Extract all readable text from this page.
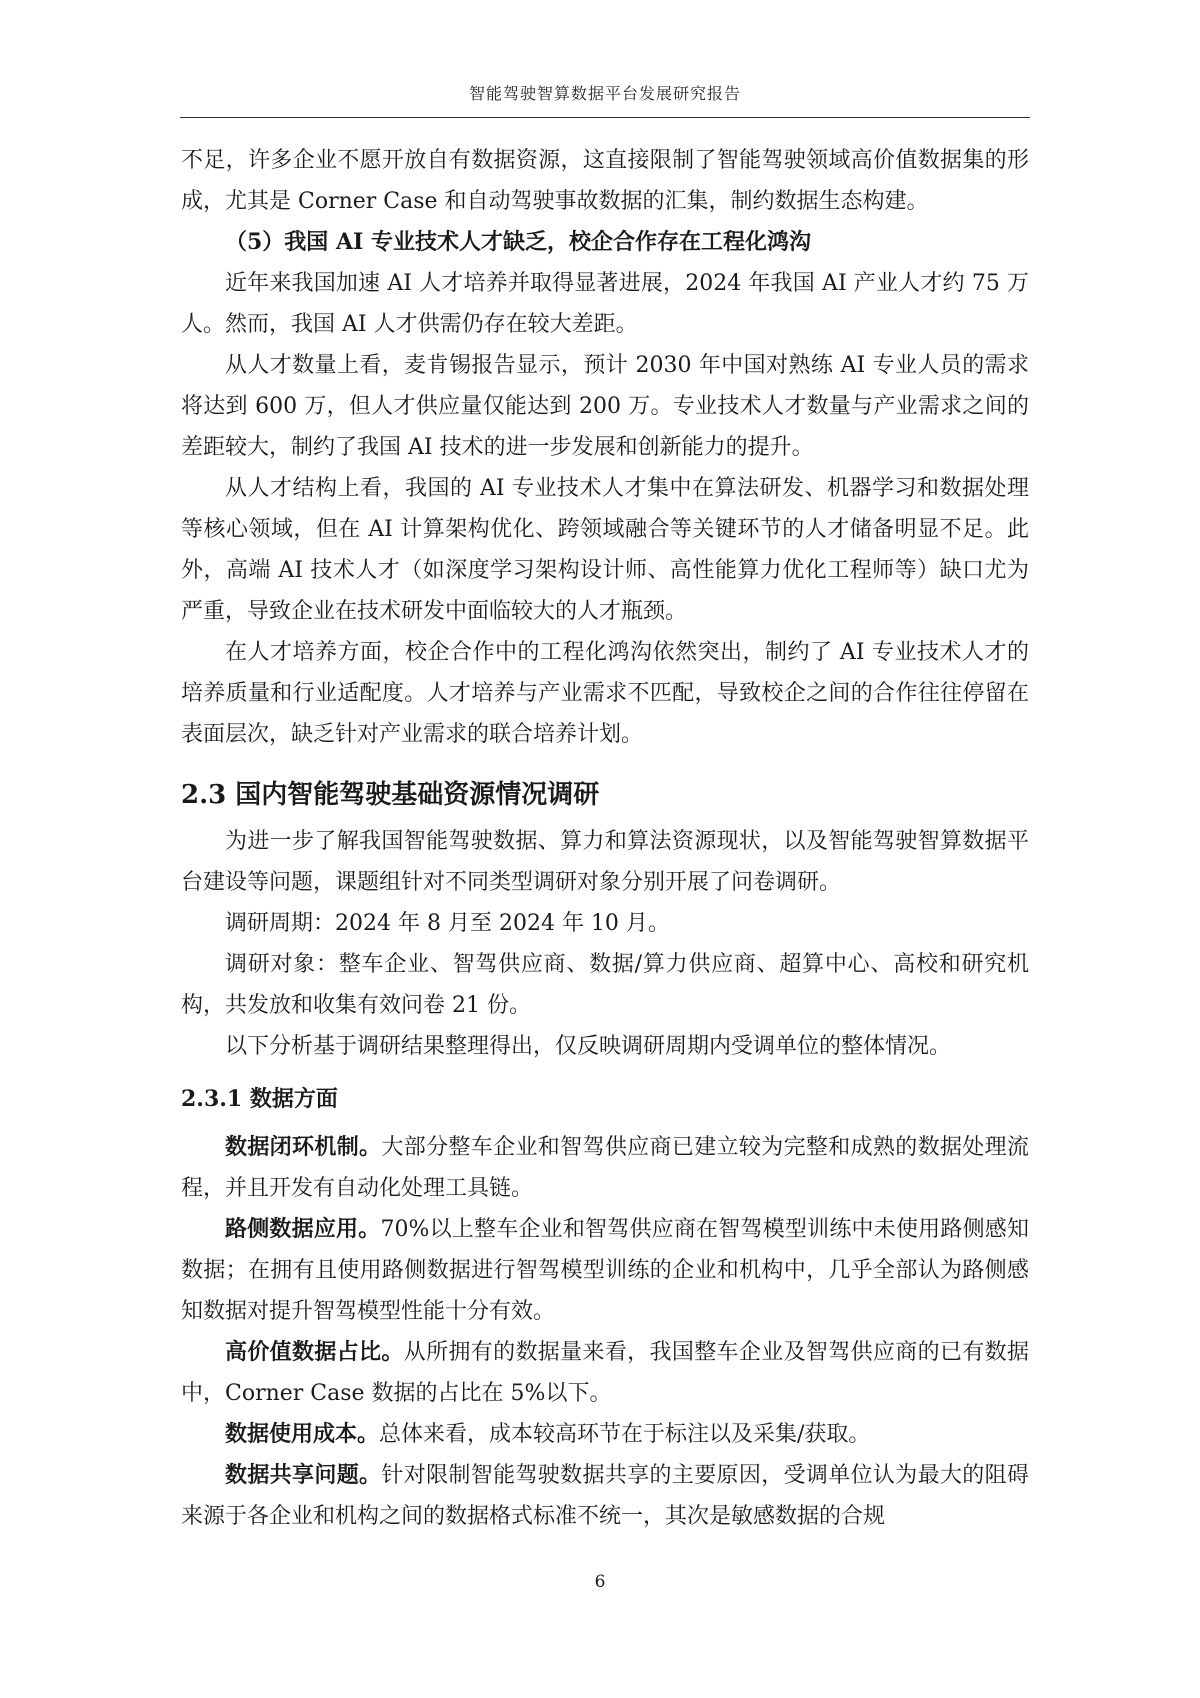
智能驾驶智算数据平台发展研究报告

不足，许多企业不愿开放自有数据资源，这直接限制了智能驾驶领域高价值数据集的形成，尤其是 Corner Case 和自动驾驶事故数据的汇集，制约数据生态构建。

（5）我国 AI 专业技术人才缺乏，校企合作存在工程化鸿沟

近年来我国加速 AI 人才培养并取得显著进展，2024 年我国 AI 产业人才约 75 万人。然而，我国 AI 人才供需仍存在较大差距。

从人才数量上看，麦肯锡报告显示，预计 2030 年中国对熟练 AI 专业人员的需求将达到 600 万，但人才供应量仅能达到 200 万。专业技术人才数量与产业需求之间的差距较大，制约了我国 AI 技术的进一步发展和创新能力的提升。

从人才结构上看，我国的 AI 专业技术人才集中在算法研发、机器学习和数据处理等核心领域，但在 AI 计算架构优化、跨领域融合等关键环节的人才储备明显不足。此外，高端 AI 技术人才（如深度学习架构设计师、高性能算力优化工程师等）缺口尤为严重，导致企业在技术研发中面临较大的人才瓶颈。

在人才培养方面，校企合作中的工程化鸿沟依然突出，制约了 AI 专业技术人才的培养质量和行业适配度。人才培养与产业需求不匹配，导致校企之间的合作往往停留在表面层次，缺乏针对产业需求的联合培养计划。

2.3 国内智能驾驶基础资源情况调研

为进一步了解我国智能驾驶数据、算力和算法资源现状，以及智能驾驶智算数据平台建设等问题，课题组针对不同类型调研对象分别开展了问卷调研。

调研周期：2024 年 8 月至 2024 年 10 月。

调研对象：整车企业、智驾供应商、数据/算力供应商、超算中心、高校和研究机构，共发放和收集有效问卷 21 份。

以下分析基于调研结果整理得出，仅反映调研周期内受调单位的整体情况。

2.3.1 数据方面

数据闭环机制。大部分整车企业和智驾供应商已建立较为完整和成熟的数据处理流程，并且开发有自动化处理工具链。

路侧数据应用。70%以上整车企业和智驾供应商在智驾模型训练中未使用路侧感知数据；在拥有且使用路侧数据进行智驾模型训练的企业和机构中，几乎全部认为路侧感知数据对提升智驾模型性能十分有效。

高价值数据占比。从所拥有的数据量来看，我国整车企业及智驾供应商的已有数据中，Corner Case 数据的占比在 5%以下。

数据使用成本。总体来看，成本较高环节在于标注以及采集/获取。

数据共享问题。针对限制智能驾驶数据共享的主要原因，受调单位认为最大的阻碍来源于各企业和机构之间的数据格式标准不统一，其次是敏感数据的合规

6
